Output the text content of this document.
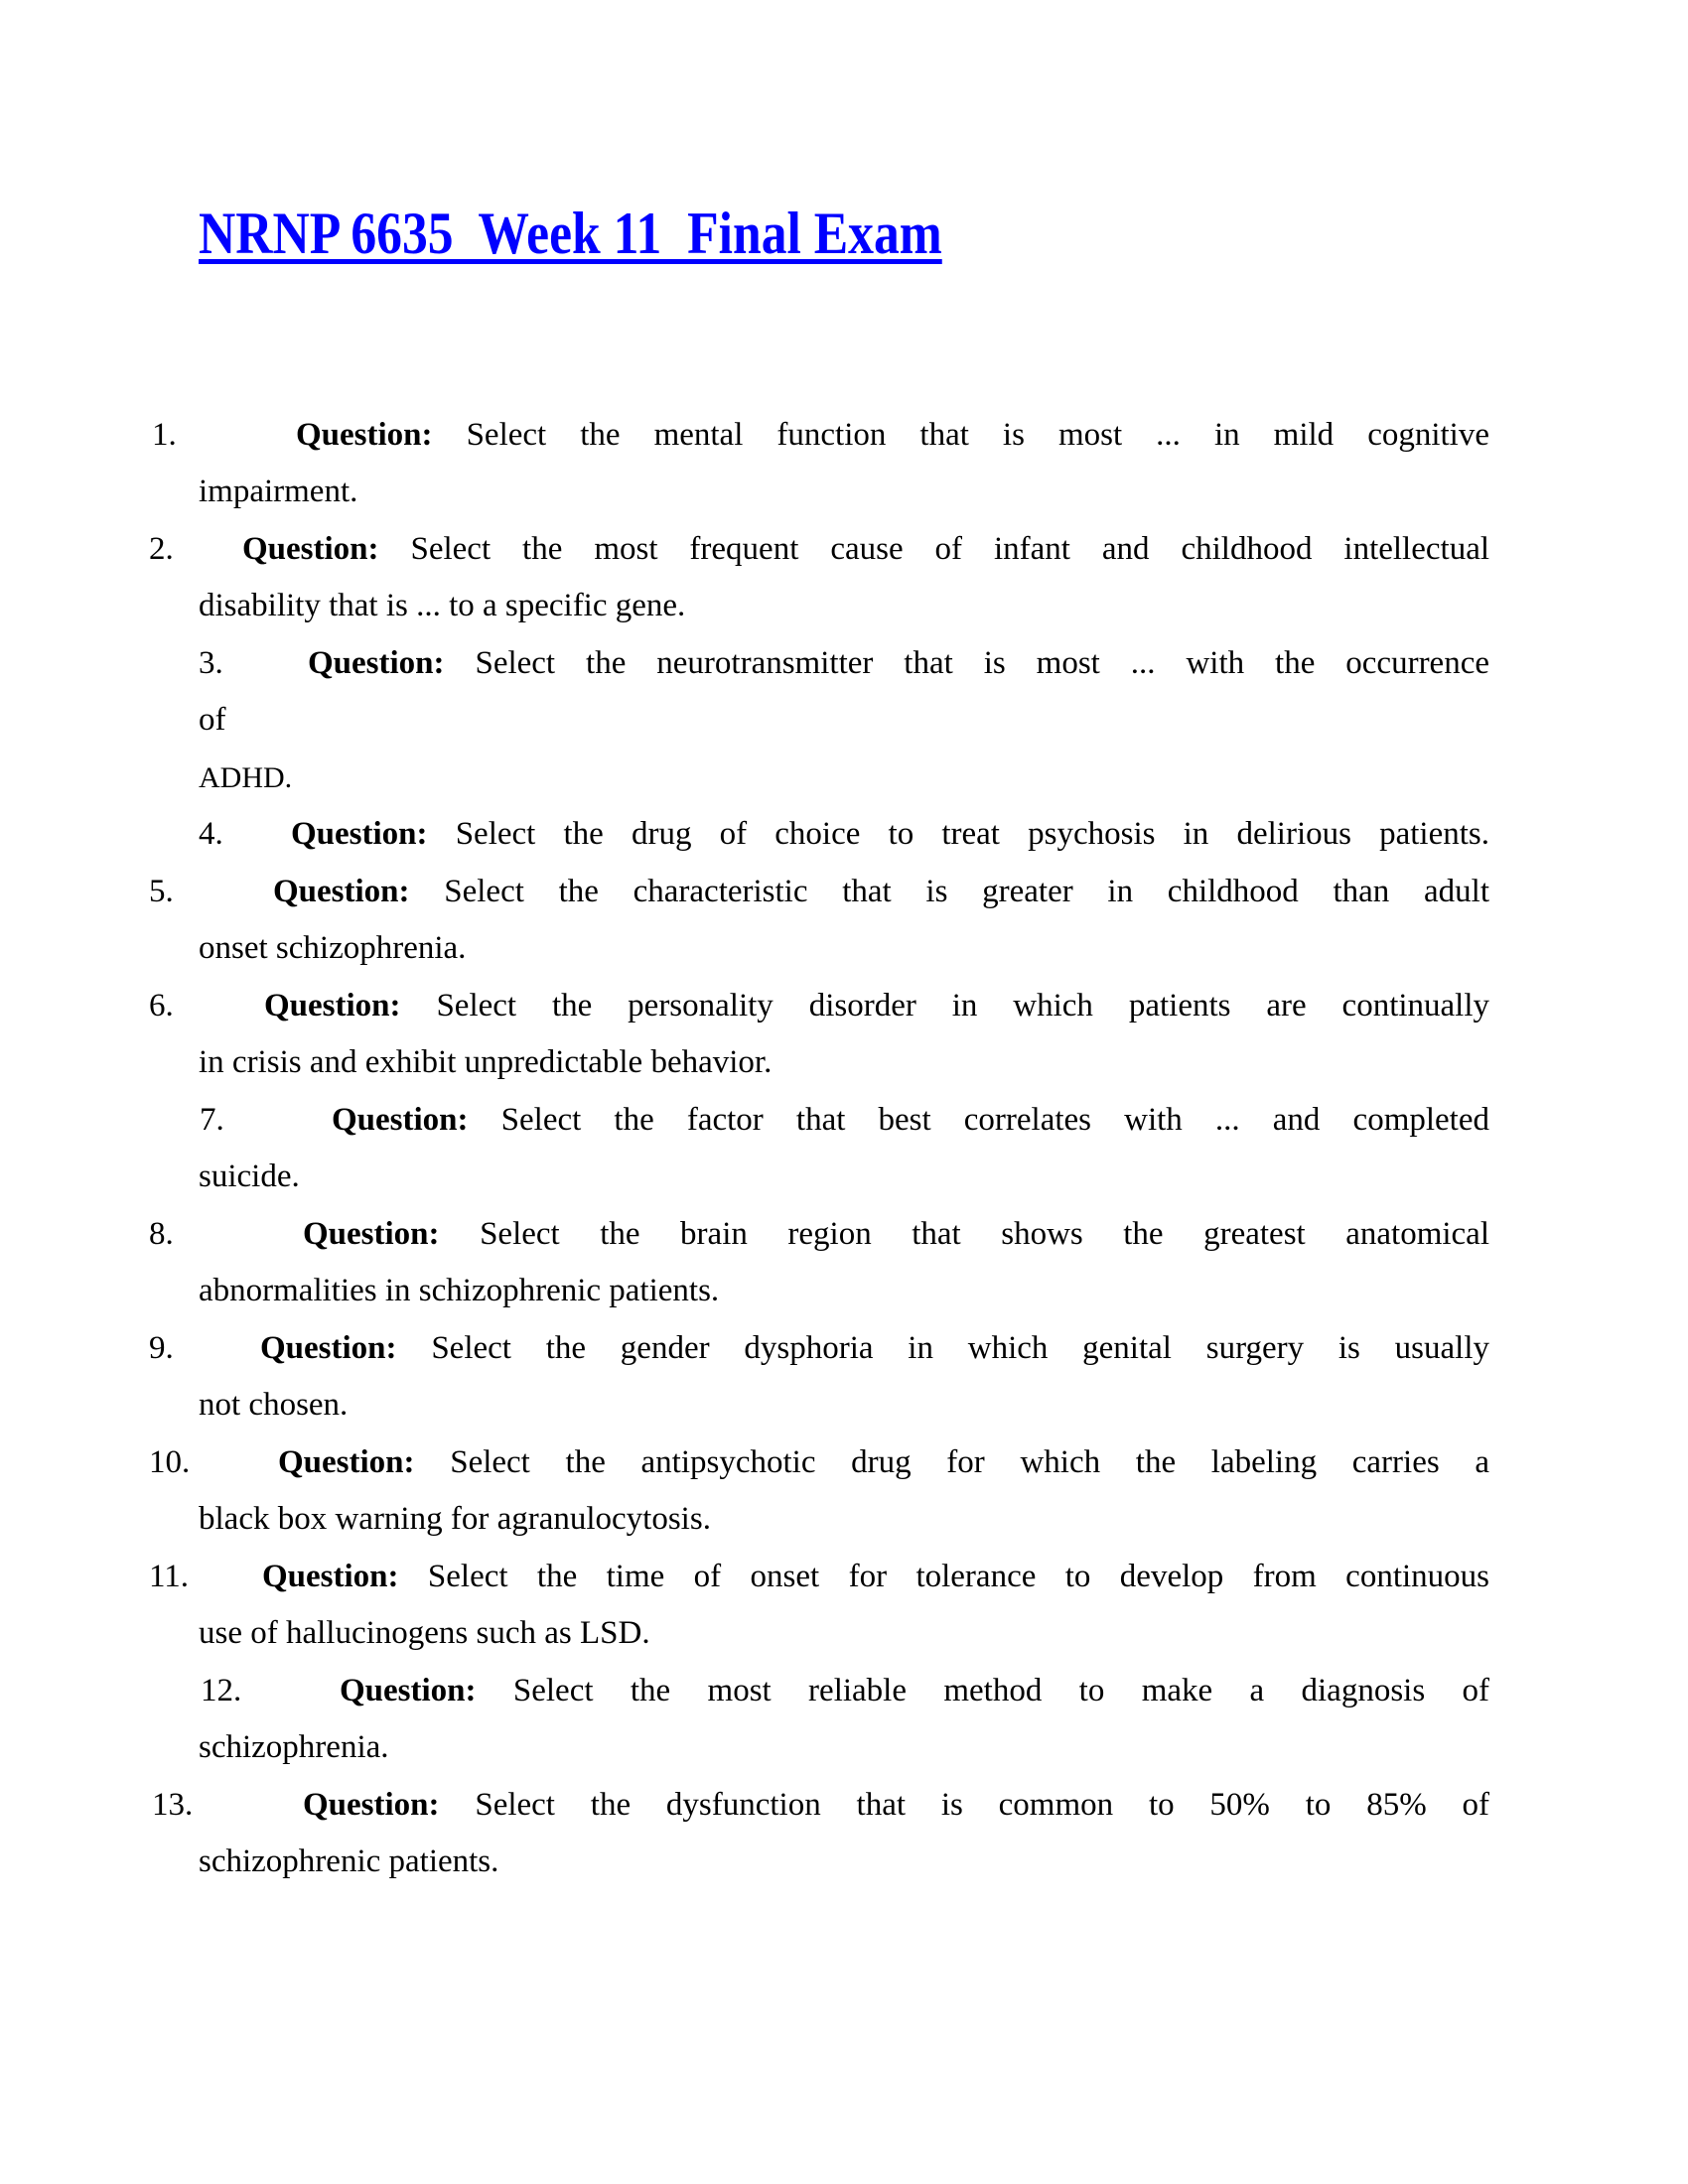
NRNP 6635  Week 11  Final Exam
1.	Question: Select the mental function that is most ... in mild cognitive
impairment.
2. Question: Select the most frequent cause of infant and childhood intellectual
disability that is ... to a specific gene.
3.	Question: Select the neurotransmitter that is most ... with the occurrence
of
ADHD.
4. Question: Select the drug of choice to treat psychosis in delirious patients.
5.	Question: Select the characteristic that is greater in childhood than adult
onset schizophrenia.
6.	Question: Select the personality disorder in which patients are continually
in crisis and exhibit unpredictable behavior.
7.	Question: Select the factor that best correlates with ... and completed
suicide.
8.	Question: Select the brain region that shows the greatest anatomical
abnormalities in schizophrenic patients.
9.	Question: Select the gender dysphoria in which genital surgery is usually
not chosen.
10.	Question: Select the antipsychotic drug for which the labeling carries a
black box warning for agranulocytosis.
11. Question: Select the time of onset for tolerance to develop from continuous
use of hallucinogens such as LSD.
12.	Question: Select the most reliable method to make a diagnosis of
schizophrenia.
13.	Question: Select the dysfunction that is common to 50% to 85% of
schizophrenic patients.
